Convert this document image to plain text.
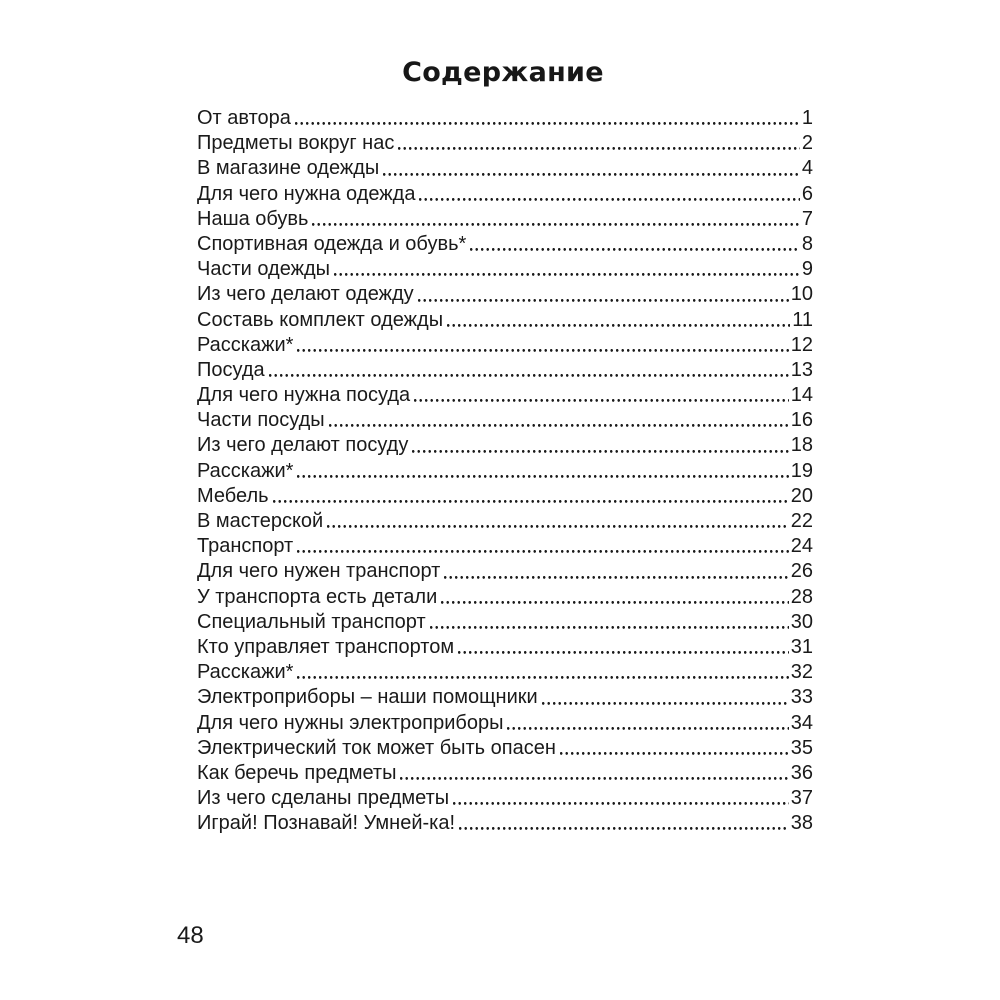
Содержание
От автора	1
Предметы вокруг нас	2
В магазине одежды	4
Для чего нужна одежда	6
Наша обувь	7
Спортивная одежда и обувь*	8
Части одежды	9
Из чего делают одежду	10
Составь комплект одежды	11
Расскажи*	12
Посуда	13
Для чего нужна посуда	14
Части посуды	16
Из чего делают посуду	18
Расскажи*	19
Мебель	20
В мастерской	22
Транспорт	24
Для чего нужен транспорт	26
У транспорта есть детали	28
Специальный транспорт	30
Кто управляет транспортом	31
Расскажи*	32
Электроприборы – наши помощники	33
Для чего нужны электроприборы	34
Электрический ток может быть опасен	35
Как беречь предметы	36
Из чего сделаны предметы	37
Играй! Познавай! Умней-ка!	38
48
